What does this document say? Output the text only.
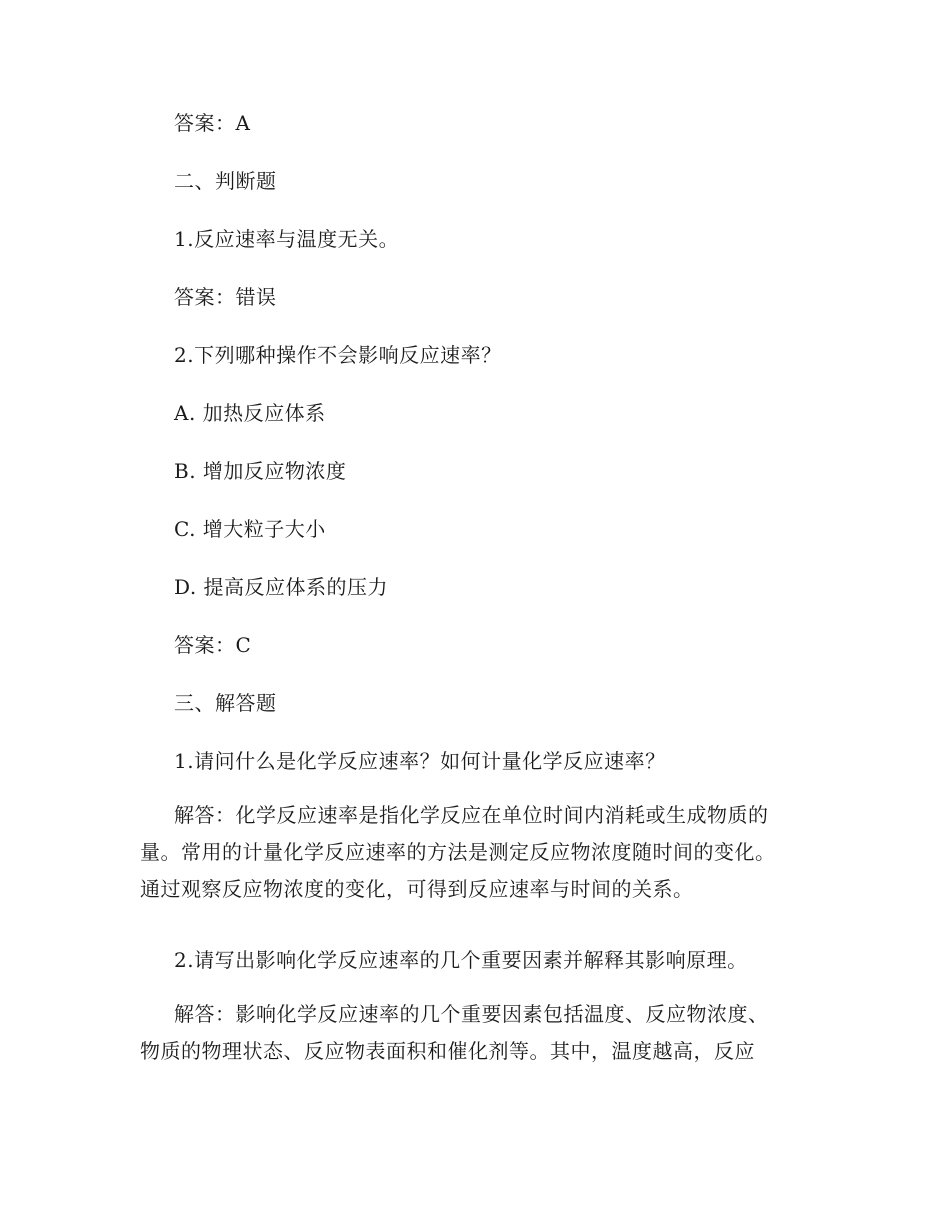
答案：A
二、判断题
1.反应速率与温度无关。
答案：错误
2.下列哪种操作不会影响反应速率？
A. 加热反应体系
B. 增加反应物浓度
C. 增大粒子大小
D. 提高反应体系的压力
答案：C
三、解答题
1.请问什么是化学反应速率？如何计量化学反应速率？
解答：化学反应速率是指化学反应在单位时间内消耗或生成物质的
量。常用的计量化学反应速率的方法是测定反应物浓度随时间的变化。
通过观察反应物浓度的变化，可得到反应速率与时间的关系。
2.请写出影响化学反应速率的几个重要因素并解释其影响原理。
解答：影响化学反应速率的几个重要因素包括温度、反应物浓度、
物质的物理状态、反应物表面积和催化剂等。其中，温度越高，反应
